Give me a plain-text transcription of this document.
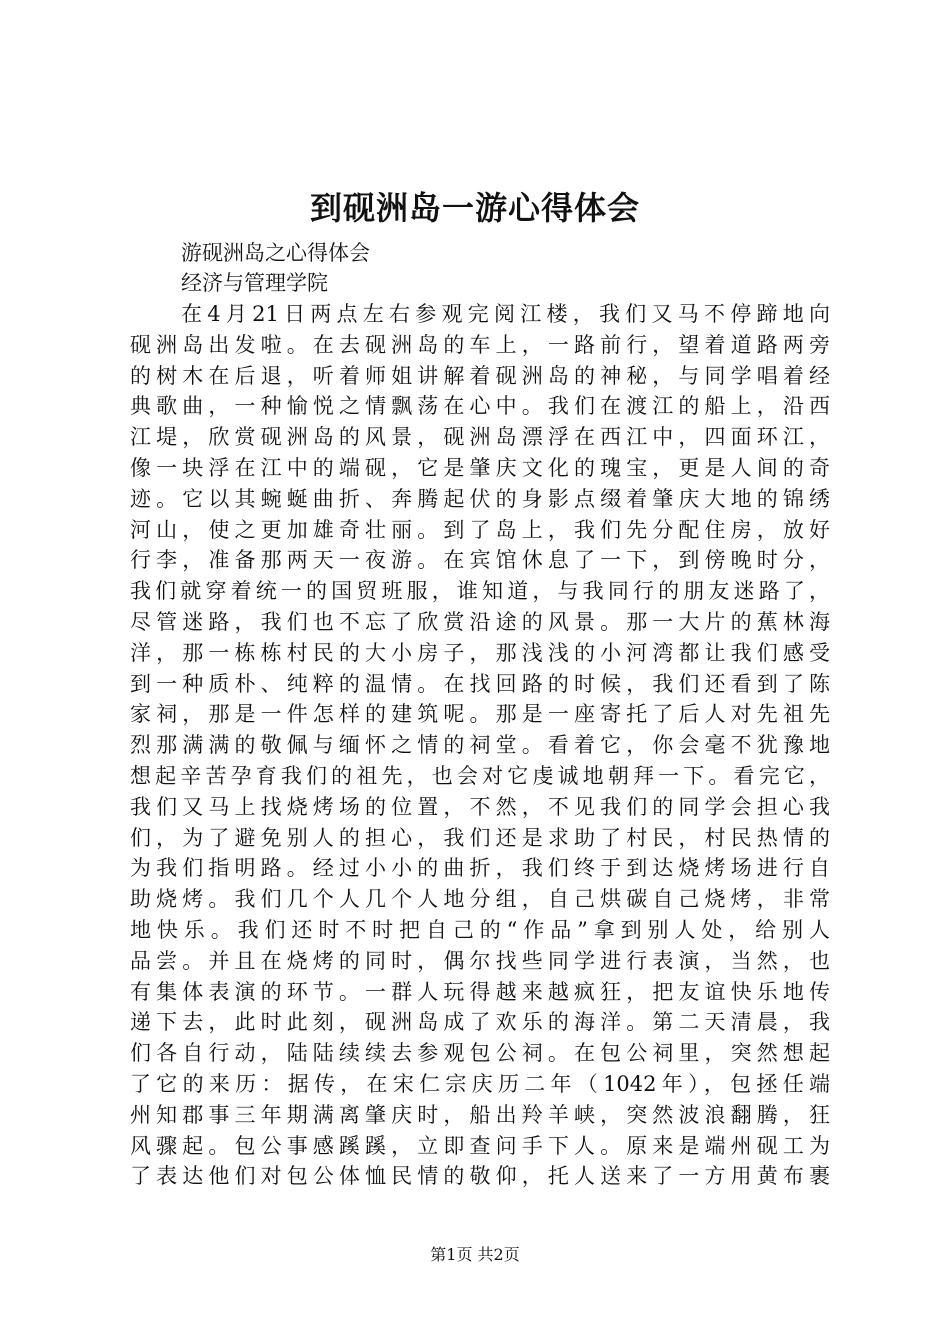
到砚洲岛一游心得体会
游砚洲岛之心得体会
经济与管理学院
在4月21日两点左右参观完阅江楼，我们又马不停蹄地向
砚洲岛出发啦。在去砚洲岛的车上，一路前行，望着道路两旁
的树木在后退，听着师姐讲解着砚洲岛的神秘，与同学唱着经
典歌曲，一种愉悦之情飘荡在心中。我们在渡江的船上，沿西
江堤，欣赏砚洲岛的风景，砚洲岛漂浮在西江中，四面环江，
像一块浮在江中的端砚，它是肇庆文化的瑰宝，更是人间的奇
迹。它以其蜿蜒曲折、奔腾起伏的身影点缀着肇庆大地的锦绣
河山，使之更加雄奇壮丽。到了岛上，我们先分配住房，放好
行李，准备那两天一夜游。在宾馆休息了一下，到傍晚时分，
我们就穿着统一的国贸班服，谁知道，与我同行的朋友迷路了，
尽管迷路，我们也不忘了欣赏沿途的风景。那一大片的蕉林海
洋，那一栋栋村民的大小房子，那浅浅的小河湾都让我们感受
到一种质朴、纯粹的温情。在找回路的时候，我们还看到了陈
家祠，那是一件怎样的建筑呢。那是一座寄托了后人对先祖先
烈那满满的敬佩与缅怀之情的祠堂。看着它，你会毫不犹豫地
想起辛苦孕育我们的祖先，也会对它虔诚地朝拜一下。看完它，
我们又马上找烧烤场的位置，不然，不见我们的同学会担心我
们，为了避免别人的担心，我们还是求助了村民，村民热情的
为我们指明路。经过小小的曲折，我们终于到达烧烤场进行自
助烧烤。我们几个人几个人地分组，自己烘碳自己烧烤，非常
地快乐。我们还时不时把自己的“作品”拿到别人处，给别人
品尝。并且在烧烤的同时，偶尔找些同学进行表演，当然，也
有集体表演的环节。一群人玩得越来越疯狂，把友谊快乐地传
递下去，此时此刻，砚洲岛成了欢乐的海洋。第二天清晨，我
们各自行动，陆陆续续去参观包公祠。在包公祠里，突然想起
了它的来历：据传，在宋仁宗庆历二年（1042年），包拯任端
州知郡事三年期满离肇庆时，船出羚羊峡，突然波浪翻腾，狂
风骤起。包公事感蹊蹊，立即查问手下人。原来是端州砚工为
了表达他们对包公体恤民情的敬仰，托人送来了一方用黄布裹
第1页 共2页
